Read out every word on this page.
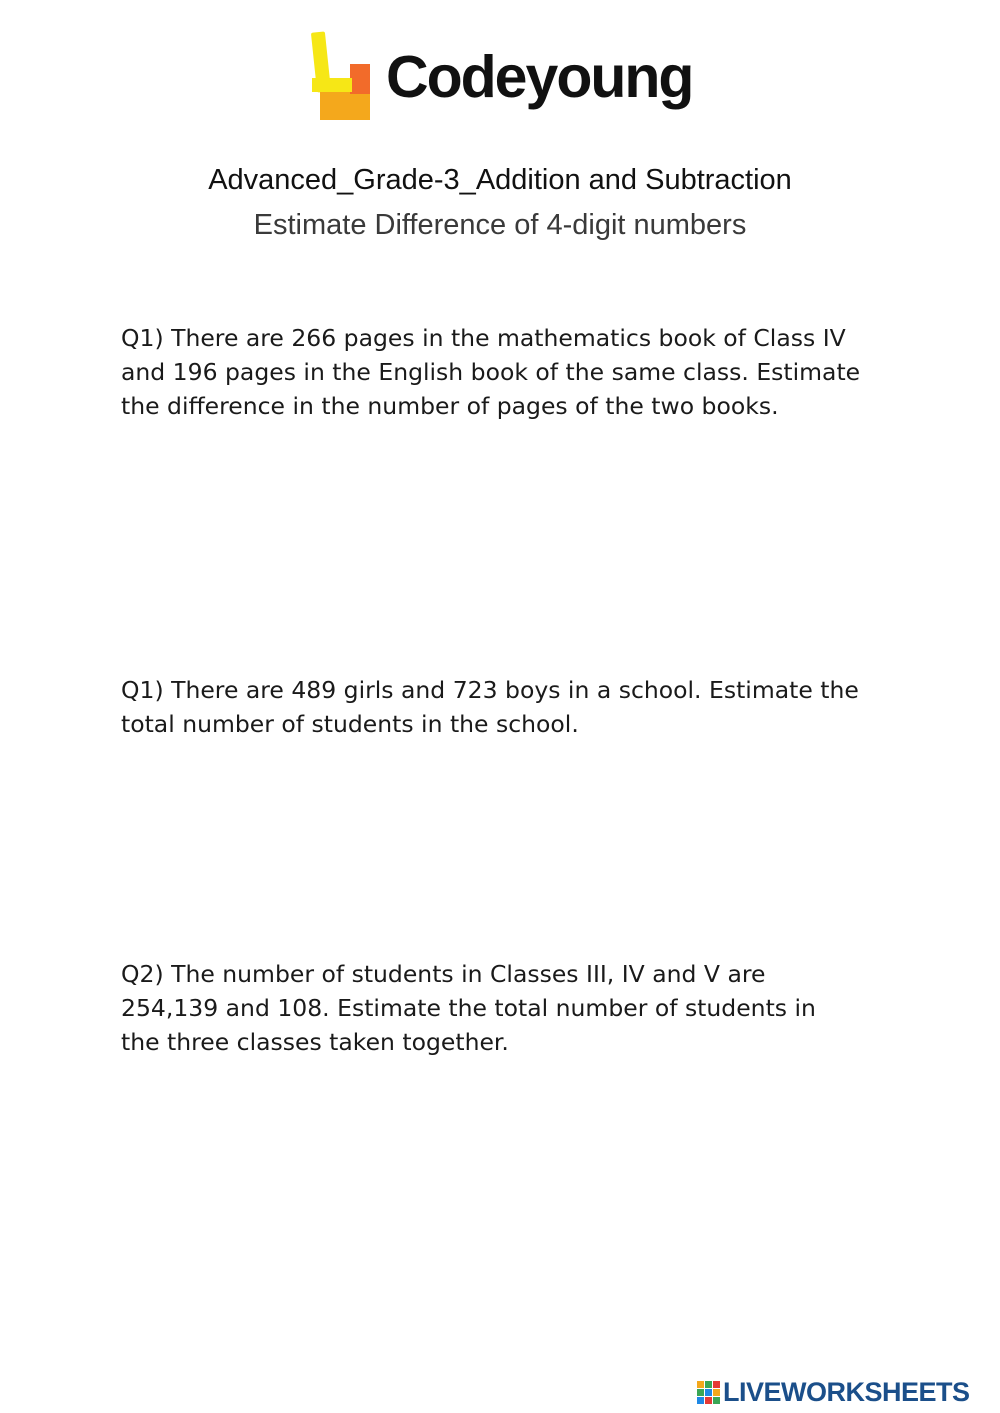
Codeyoung
Advanced_Grade-3_Addition and Subtraction
Estimate Difference of 4-digit numbers

Q1) There are 266 pages in the mathematics book of Class IV and 196 pages in the English book of the same class. Estimate the difference in the number of pages of the two books.

Q1) There are 489 girls and 723 boys in a school. Estimate the total number of students in the school.

Q2) The number of students in Classes III, IV and V are 254,139 and 108. Estimate the total number of students in the three classes taken together.

LIVEWORKSHEETS
